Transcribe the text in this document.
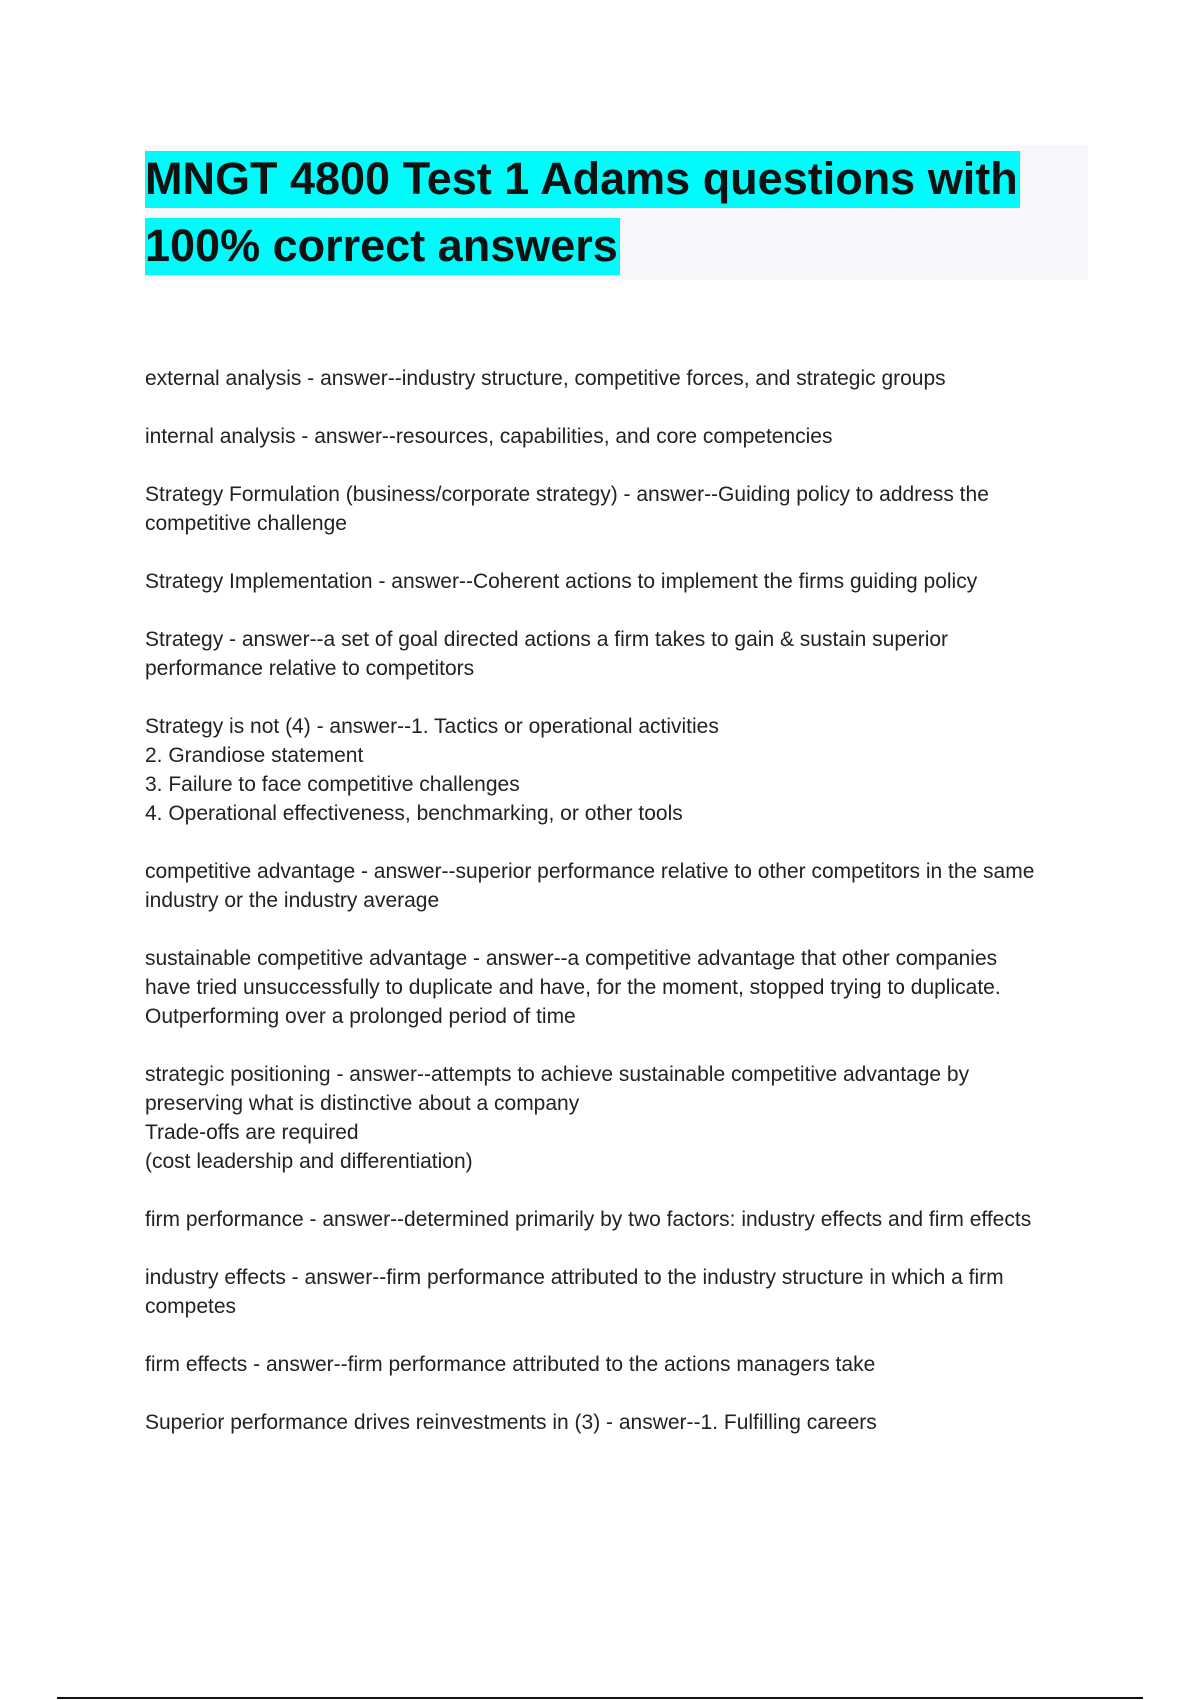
MNGT 4800 Test 1 Adams questions with
100% correct answers

external analysis - answer--industry structure, competitive forces, and strategic groups

internal analysis - answer--resources, capabilities, and core competencies

Strategy Formulation (business/corporate strategy) - answer--Guiding policy to address the
competitive challenge

Strategy Implementation - answer--Coherent actions to implement the firms guiding policy

Strategy - answer--a set of goal directed actions a firm takes to gain & sustain superior
performance relative to competitors

Strategy is not (4) - answer--1. Tactics or operational activities
2. Grandiose statement
3. Failure to face competitive challenges
4. Operational effectiveness, benchmarking, or other tools

competitive advantage - answer--superior performance relative to other competitors in the same
industry or the industry average

sustainable competitive advantage - answer--a competitive advantage that other companies
have tried unsuccessfully to duplicate and have, for the moment, stopped trying to duplicate.
Outperforming over a prolonged period of time

strategic positioning - answer--attempts to achieve sustainable competitive advantage by
preserving what is distinctive about a company
Trade-offs are required
(cost leadership and differentiation)

firm performance - answer--determined primarily by two factors: industry effects and firm effects

industry effects - answer--firm performance attributed to the industry structure in which a firm
competes

firm effects - answer--firm performance attributed to the actions managers take

Superior performance drives reinvestments in (3) - answer--1. Fulfilling careers
